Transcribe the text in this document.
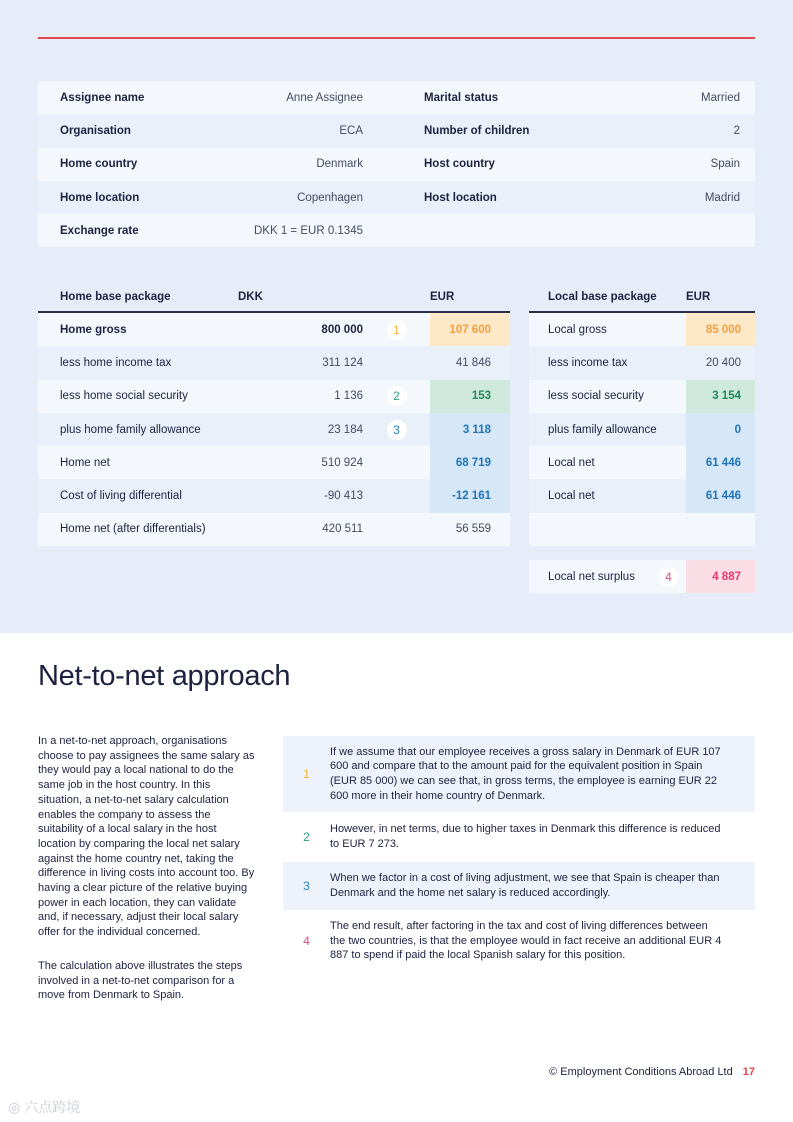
Assignee name	Anne Assignee	Marital status	Married
Organisation	ECA	Number of children	2
Home country	Denmark	Host country	Spain
Home location	Copenhagen	Host location	Madrid
Exchange rate	DKK 1 = EUR 0.1345
Home base package	DKK	EUR
Home gross	800 000	1	107 600
less home income tax	311 124	41 846
less home social security	1 136	2	153
plus home family allowance	23 184	3	3 118
Home net	510 924	68 719
Cost of living differential	-90 413	-12 161
Home net (after differentials)	420 511	56 559
Local base package	EUR
Local gross	85 000
less income tax	20 400
less social security	3 154
plus family allowance	0
Local net	61 446
Local net	61 446
Local net surplus	4	4 887
Net-to-net approach

In a net-to-net approach, organisations choose to pay assignees the same salary as they would pay a local national to do the same job in the host country. In this situation, a net-to-net salary calculation enables the company to assess the suitability of a local salary in the host location by comparing the local net salary against the home country net, taking the difference in living costs into account too. By having a clear picture of the relative buying power in each location, they can validate and, if necessary, adjust their local salary offer for the individual concerned.

The calculation above illustrates the steps involved in a net-to-net comparison for a move from Denmark to Spain.

1
If we assume that our employee receives a gross salary in Denmark of EUR 107 600 and compare that to the amount paid for the equivalent position in Spain (EUR 85 000) we can see that, in gross terms, the employee is earning EUR 22 600 more in their home country of Denmark.
2
However, in net terms, due to higher taxes in Denmark this difference is reduced to EUR 7 273.
3
When we factor in a cost of living adjustment, we see that Spain is cheaper than Denmark and the home net salary is reduced accordingly.
4
The end result, after factoring in the tax and cost of living differences between the two countries, is that the employee would in fact receive an additional EUR 4 887 to spend if paid the local Spanish salary for this position.
© Employment Conditions Abroad Ltd 17
◎ 六点跨境
